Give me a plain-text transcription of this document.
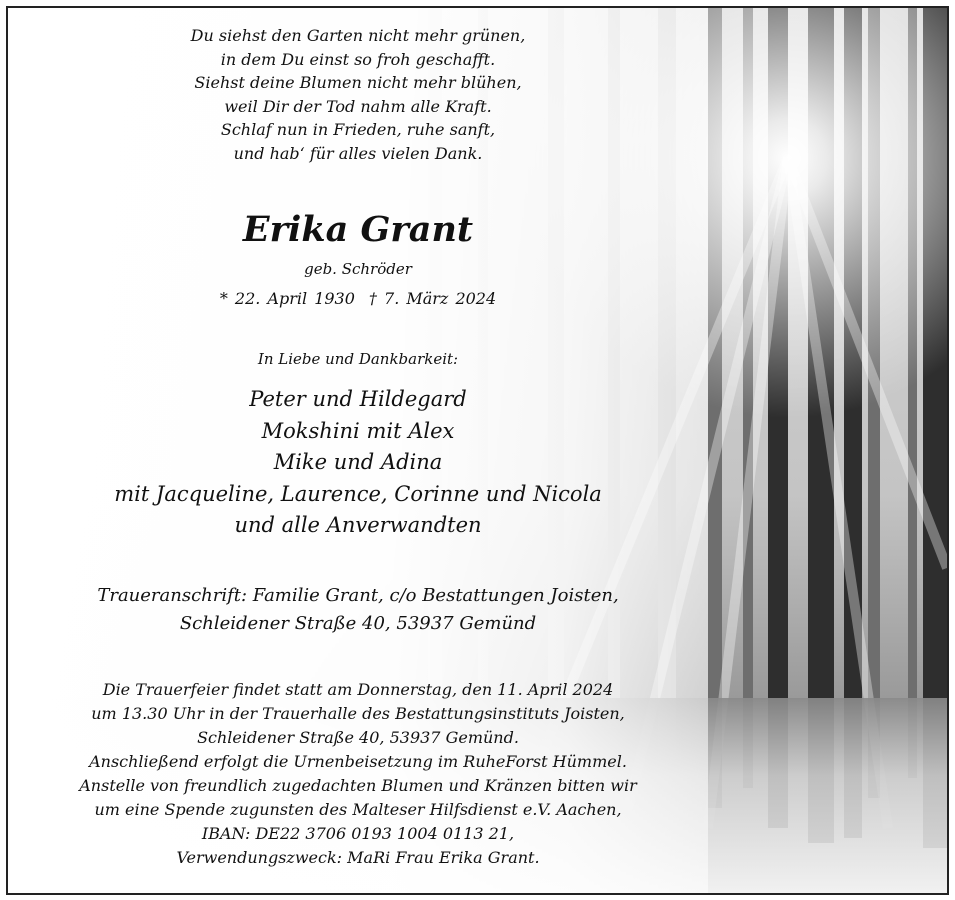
Du siehst den Garten nicht mehr grünen,
in dem Du einst so froh geschafft.
Siehst deine Blumen nicht mehr blühen,
weil Dir der Tod nahm alle Kraft.
Schlaf nun in Frieden, ruhe sanft,
und hab‘ für alles vielen Dank.
Erika Grant
geb. Schröder
* 22. April 1930 † 7. März 2024
In Liebe und Dankbarkeit:
Peter und Hildegard
Mokshini mit Alex
Mike und Adina
mit Jacqueline, Laurence, Corinne und Nicola
und alle Anverwandten
Traueranschrift: Familie Grant, c/o Bestattungen Joisten,
Schleidener Straße 40, 53937 Gemünd
Die Trauerfeier findet statt am Donnerstag, den 11. April 2024
um 13.30 Uhr in der Trauerhalle des Bestattungsinstituts Joisten,
Schleidener Straße 40, 53937 Gemünd.
Anschließend erfolgt die Urnenbeisetzung im RuheForst Hümmel.
Anstelle von freundlich zugedachten Blumen und Kränzen bitten wir
um eine Spende zugunsten des Malteser Hilfsdienst e.V. Aachen,
IBAN: DE22 3706 0193 1004 0113 21,
Verwendungszweck: MaRi Frau Erika Grant.
